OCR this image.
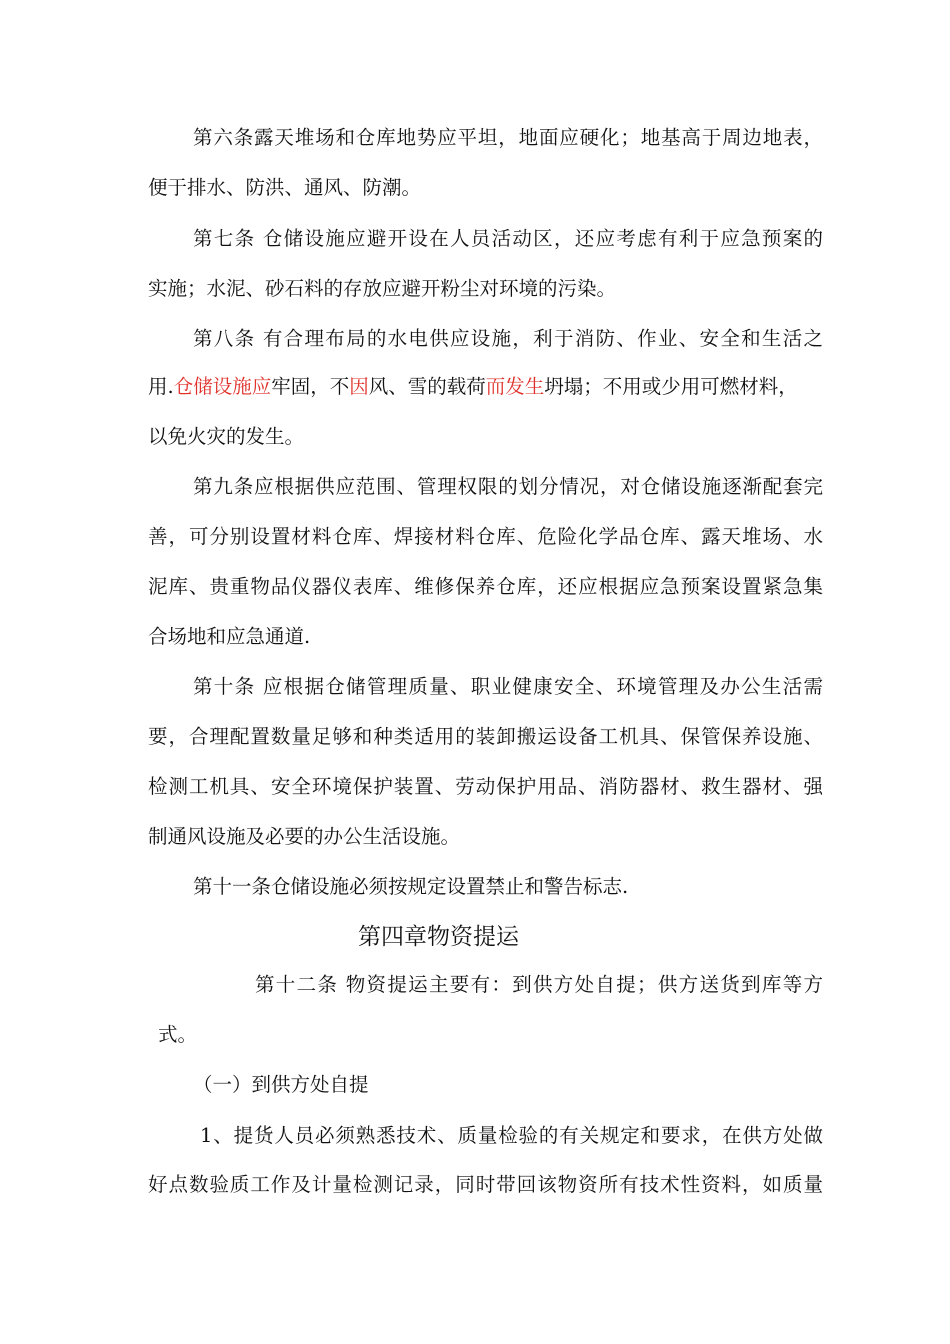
第六条露天堆场和仓库地势应平坦，地面应硬化；地基高于周边地表，
便于排水、防洪、通风、防潮。
第七条 仓储设施应避开设在人员活动区，还应考虑有利于应急预案的
实施；水泥、砂石料的存放应避开粉尘对环境的污染。
第八条 有合理布局的水电供应设施，利于消防、作业、安全和生活之
用.仓储设施应牢固，不因风、雪的载荷而发生坍塌；不用或少用可燃材料，
以免火灾的发生。
第九条应根据供应范围、管理权限的划分情况，对仓储设施逐渐配套完
善，可分别设置材料仓库、焊接材料仓库、危险化学品仓库、露天堆场、水
泥库、贵重物品仪器仪表库、维修保养仓库，还应根据应急预案设置紧急集
合场地和应急通道.
第十条 应根据仓储管理质量、职业健康安全、环境管理及办公生活需
要，合理配置数量足够和种类适用的装卸搬运设备工机具、保管保养设施、
检测工机具、安全环境保护装置、劳动保护用品、消防器材、救生器材、强
制通风设施及必要的办公生活设施。
第十一条仓储设施必须按规定设置禁止和警告标志.
第四章物资提运
第十二条 物资提运主要有：到供方处自提；供方送货到库等方
式。
（一）到供方处自提
1、提货人员必须熟悉技术、质量检验的有关规定和要求，在供方处做
好点数验质工作及计量检测记录，同时带回该物资所有技术性资料，如质量
